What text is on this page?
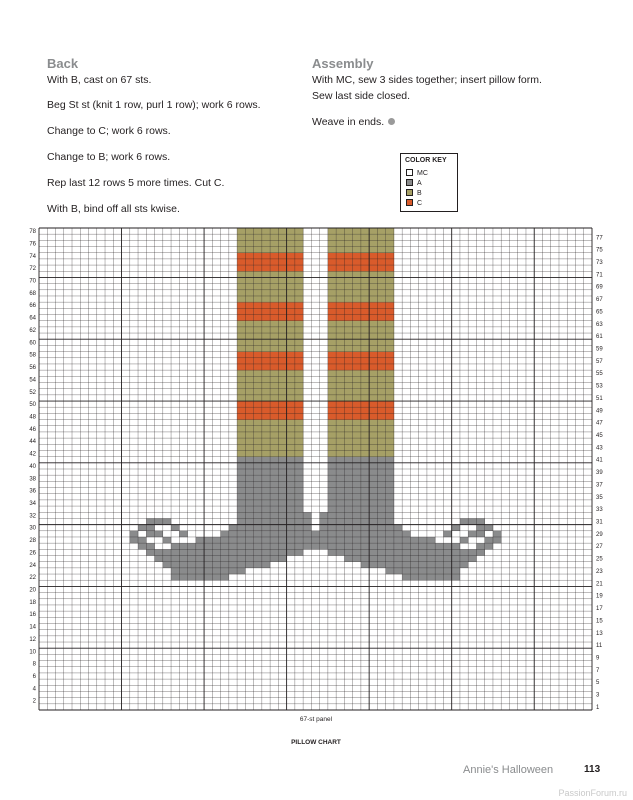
Back
With B, cast on 67 sts.
Beg St st (knit 1 row, purl 1 row); work 6 rows.
Change to C; work 6 rows.
Change to B; work 6 rows.
Rep last 12 rows 5 more times. Cut C.
With B, bind off all sts kwise.
Assembly
With MC, sew 3 sides together; insert pillow form.
Sew last side closed.
Weave in ends.
COLOR KEY
MC
A
B
C
78
76
74
72
70
68
66
64
62
60
58
56
54
52
50
48
46
44
42
40
38
36
34
32
30
28
26
24
22
20
18
16
14
12
10
8
6
4
2
77
75
73
71
69
67
65
63
61
59
57
55
53
51
49
47
45
43
41
39
37
35
33
31
29
27
25
23
21
19
17
15
13
11
9
7
5
3
1
67-st panel
PILLOW CHART
Annie's Halloween	113
PassionForum.ru
